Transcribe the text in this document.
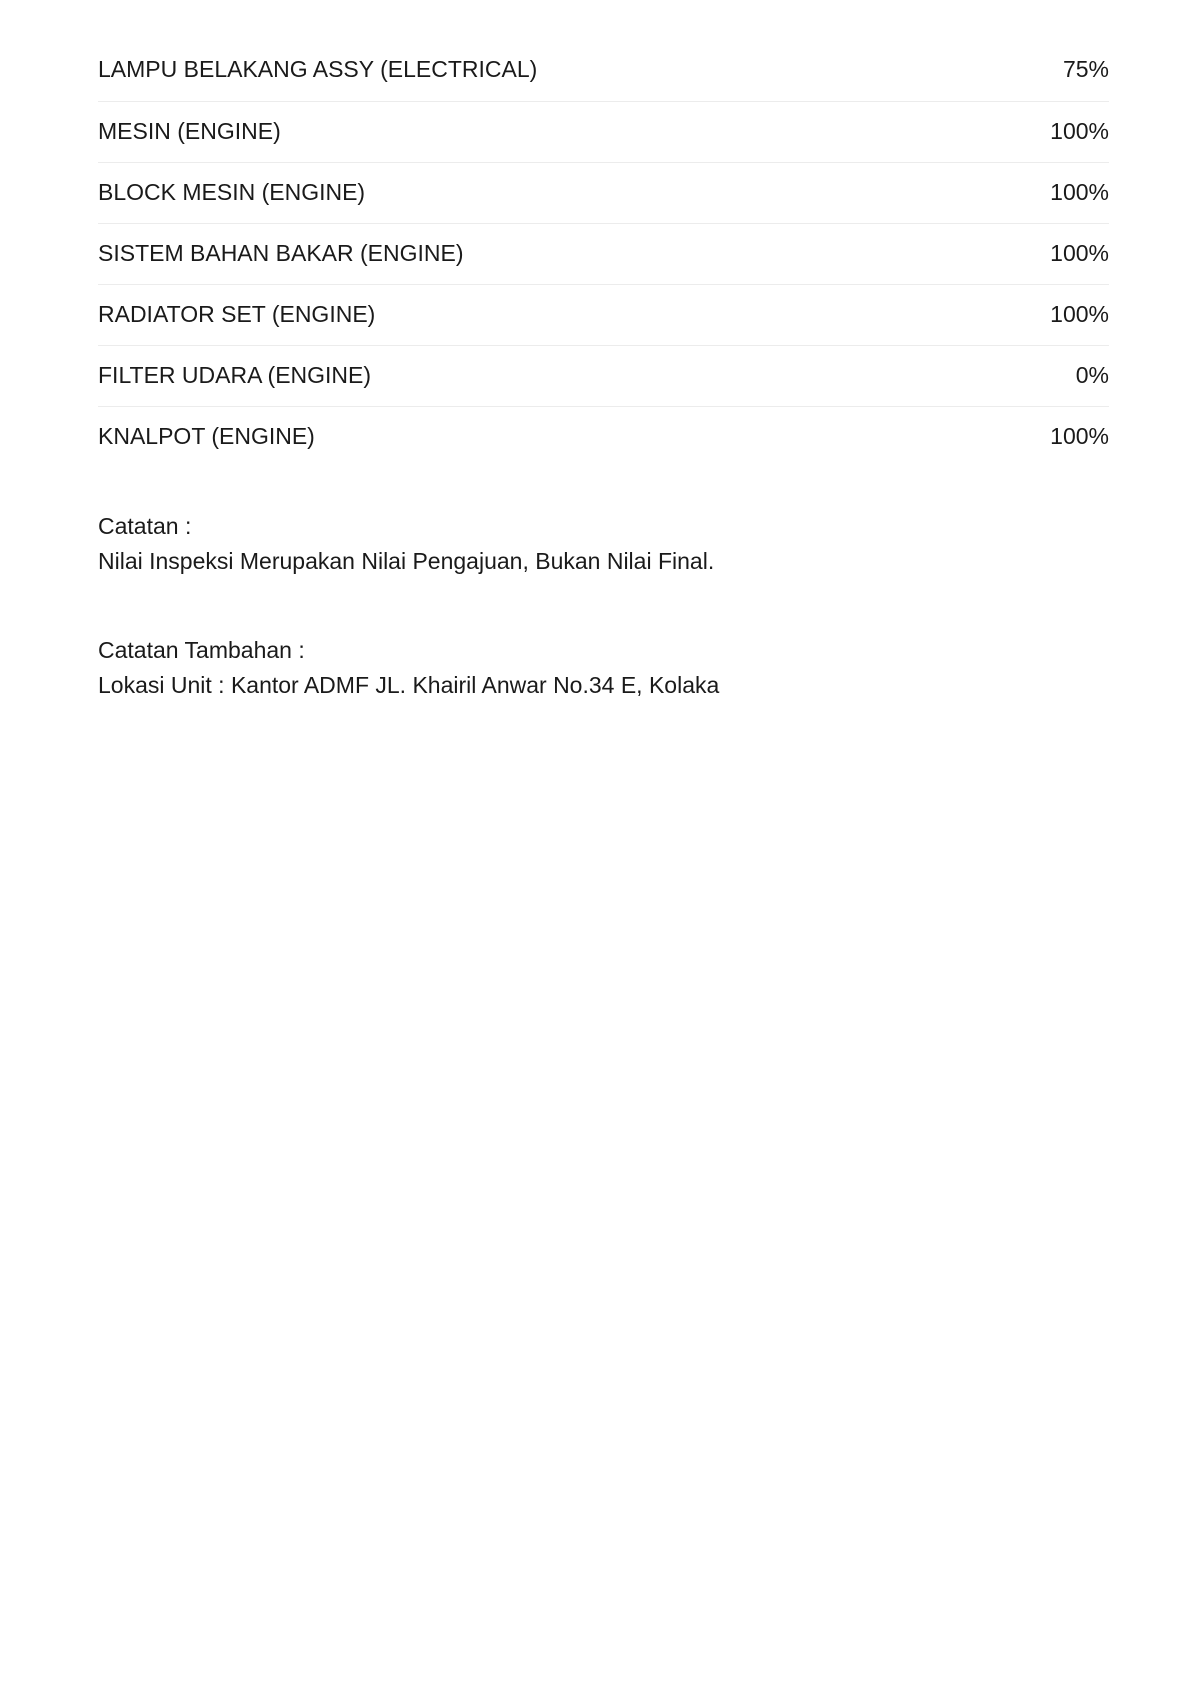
LAMPU BELAKANG ASSY (ELECTRICAL)	75%
MESIN (ENGINE)	100%
BLOCK MESIN (ENGINE)	100%
SISTEM BAHAN BAKAR (ENGINE)	100%
RADIATOR SET (ENGINE)	100%
FILTER UDARA (ENGINE)	0%
KNALPOT (ENGINE)	100%

Catatan :

Nilai Inspeksi Merupakan Nilai Pengajuan, Bukan Nilai Final.

Catatan Tambahan :

Lokasi Unit : Kantor ADMF JL. Khairil Anwar No.34 E, Kolaka
